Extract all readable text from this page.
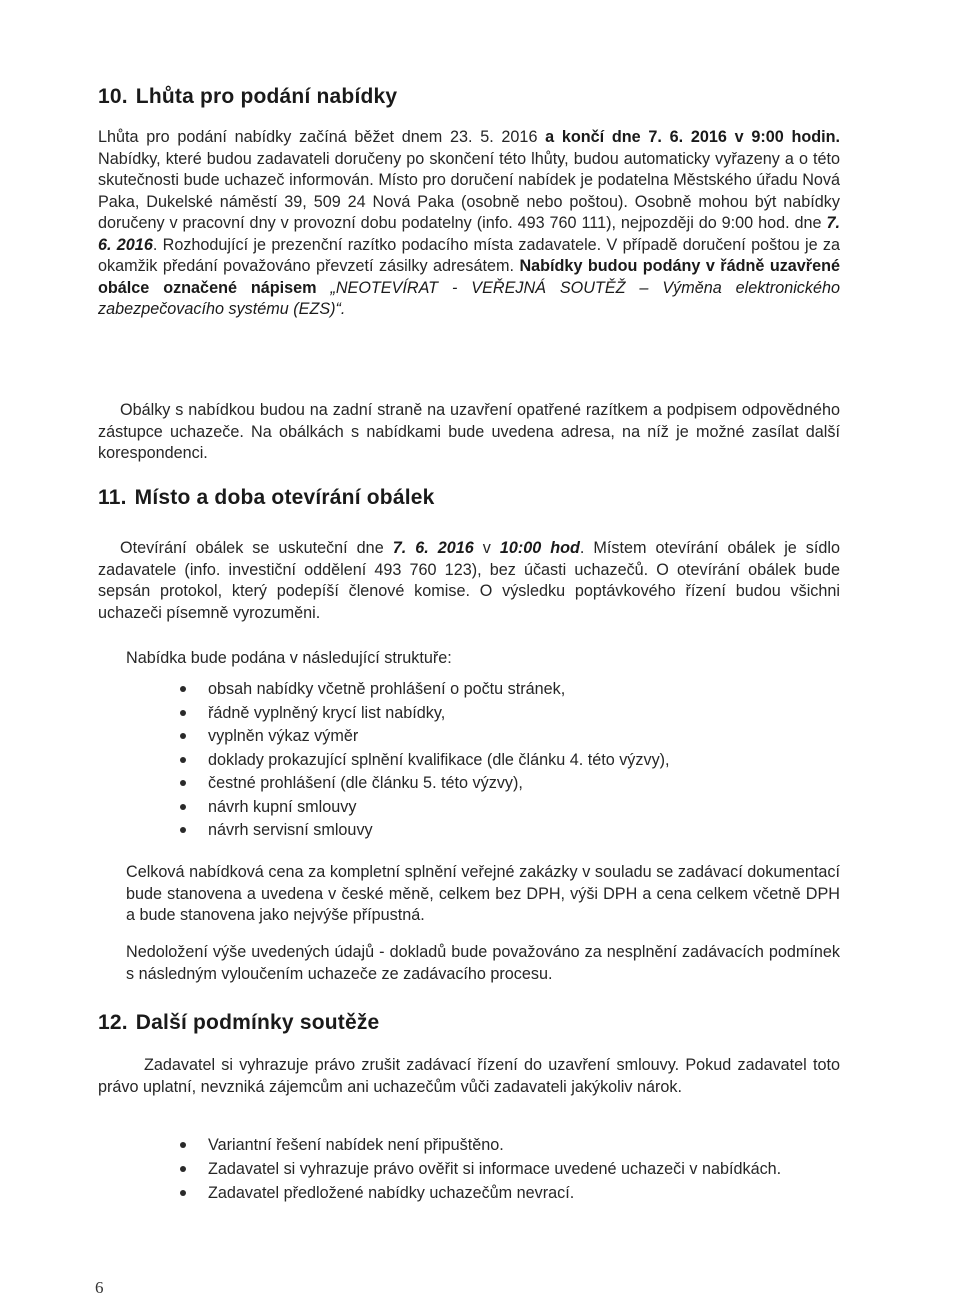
10. Lhůta pro podání nabídky

Lhůta pro podání nabídky začíná běžet dnem 23. 5. 2016 a končí dne 7. 6. 2016 v 9:00 hodin. Nabídky, které budou zadavateli doručeny po skončení této lhůty, budou automaticky vyřazeny a o této skutečnosti bude uchazeč informován. Místo pro doručení nabídek je podatelna Městského úřadu Nová Paka, Dukelské náměstí 39, 509 24 Nová Paka (osobně nebo poštou). Osobně mohou být nabídky doručeny v pracovní dny v provozní dobu podatelny (info. 493 760 111), nejpozději do 9:00 hod. dne 7. 6. 2016. Rozhodující je prezenční razítko podacího místa zadavatele. V případě doručení poštou je za okamžik předání považováno převzetí zásilky adresátem. Nabídky budou podány v řádně uzavřené obálce označené nápisem „NEOTEVÍRAT - VEŘEJNÁ SOUTĚŽ – Výměna elektronického zabezpečovacího systému (EZS)“.

Obálky s nabídkou budou na zadní straně na uzavření opatřené razítkem a podpisem odpovědného zástupce uchazeče. Na obálkách s nabídkami bude uvedena adresa, na níž je možné zasílat další korespondenci.

11. Místo a doba otevírání obálek

Otevírání obálek se uskuteční dne 7. 6. 2016 v 10:00 hod. Místem otevírání obálek je sídlo zadavatele (info. investiční oddělení 493 760 123), bez účasti uchazečů. O otevírání obálek bude sepsán protokol, který podepíší členové komise. O výsledku poptávkového řízení budou všichni uchazeči písemně vyrozuměni.

Nabídka bude podána v následující struktuře:

obsah nabídky včetně prohlášení o počtu stránek,
řádně vyplněný krycí list nabídky,
vyplněn výkaz výměr
doklady prokazující splnění kvalifikace (dle článku 4. této výzvy),
čestné prohlášení (dle článku 5. této výzvy),
návrh kupní smlouvy
návrh servisní smlouvy

Celková nabídková cena za kompletní splnění veřejné zakázky v souladu se zadávací dokumentací bude stanovena a uvedena v české měně, celkem bez DPH, výši DPH a cena celkem včetně DPH a bude stanovena jako nejvýše přípustná.

Nedoložení výše uvedených údajů - dokladů bude považováno za nesplnění zadávacích podmínek s následným vyloučením uchazeče ze zadávacího procesu.

12. Další podmínky soutěže

Zadavatel si vyhrazuje právo zrušit zadávací řízení do uzavření smlouvy. Pokud zadavatel toto právo uplatní, nevzniká zájemcům ani uchazečům vůči zadavateli jakýkoliv nárok.

Variantní řešení nabídek není připuštěno.
Zadavatel si vyhrazuje právo ověřit si informace uvedené uchazeči v nabídkách.
Zadavatel předložené nabídky uchazečům nevrací.
6
